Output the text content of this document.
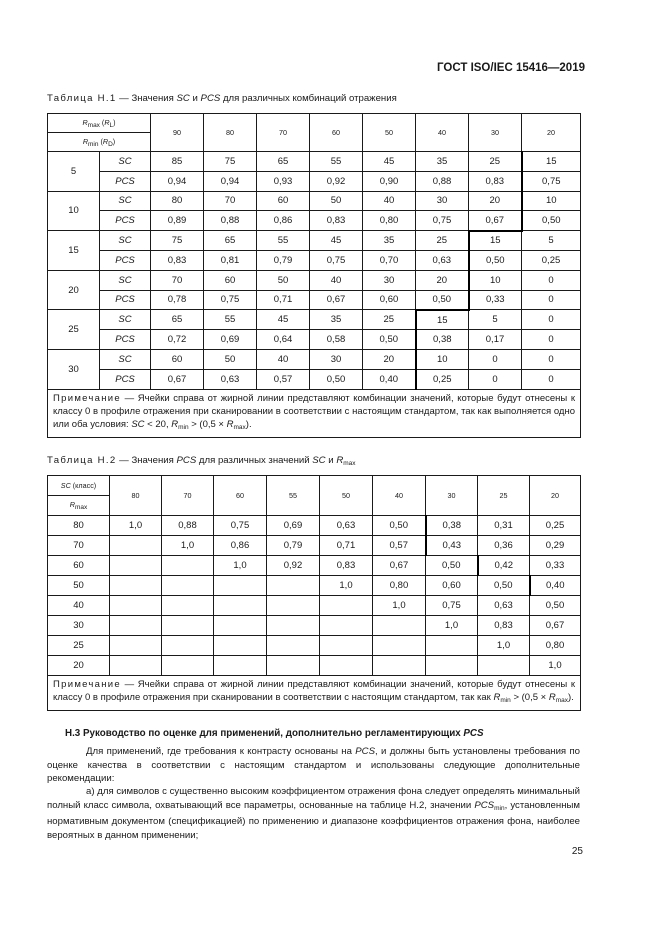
ГОСТ ISO/IEC 15416—2019
Таблица Н.1 — Значения SC и PCS для различных комбинаций отражения
$R_{max}$ $(R_L)$		90	80	70	60	50	40	30	20
$R_{min}$ $(R_D)$									
5	SC	85	75	65	55	45	35	25	15
	PCS	0,94	0,94	0,93	0,92	0,90	0,88	0,83	0,75
10	SC	80	70	60	50	40	30	20	10
	PCS	0,89	0,88	0,86	0,83	0,80	0,75	0,67	0,50
15	SC	75	65	55	45	35	25	15	5
	PCS	0,83	0,81	0,79	0,75	0,70	0,63	0,50	0,25
20	SC	70	60	50	40	30	20	10	0
	PCS	0,78	0,75	0,71	0,67	0,60	0,50	0,33	0
25	SC	65	55	45	35	25	15	5	0
	PCS	0,72	0,69	0,64	0,58	0,50	0,38	0,17	0
30	SC	60	50	40	30	20	10	0	0
	PCS	0,67	0,63	0,57	0,50	0,40	0,25	0	0
Примечание — Ячейки справа от жирной линии представляют комбинации значений, которые будут отнесены к классу 0 в профиле отражения при сканировании в соответствии с настоящим стандартом, так как выполняется одно или оба условия: SC < 20, $R_{min} > (0,5 \times R_{max})$.									
Таблица Н.2 — Значения PCS для различных значений SC и $R_{max}$
SC (класс)	80	70	60	55	50	40	30	25	20
$R_{max}$
80	1,0	0,88	0,75	0,69	0,63	0,50	0,38	0,31	0,25
70		1,0	0,86	0,79	0,71	0,57	0,43	0,36	0,29
60			1,0	0,92	0,83	0,67	0,50	0,42	0,33
50					1,0	0,80	0,60	0,50	0,40
40						1,0	0,75	0,63	0,50
30							1,0	0,83	0,67
25								1,0	0,80
20									1,0
Примечание — Ячейки справа от жирной линии представляют комбинации значений, которые будут отнесены к классу 0 в профиле отражения при сканировании в соответствии с настоящим стандартом, так как $R_{min} > (0,5 \times R_{max})$.									
Н.3 Руководство по оценке для применений, дополнительно регламентирующих PCS
Для применений, где требования к контрасту основаны на PCS, и должны быть установлены требования по оценке качества в соответствии с настоящим стандартом и использованы следующие дополнительные рекомендации:
а) для символов с существенно высоким коэффициентом отражения фона следует определять минимальный полный класс символа, охватывающий все параметры, основанные на таблице Н.2, значении $PCS_{min}$, установленным нормативным документом (спецификацией) по применению и диапазоне коэффициентов отражения фона, наиболее вероятных в данном применении;
25
